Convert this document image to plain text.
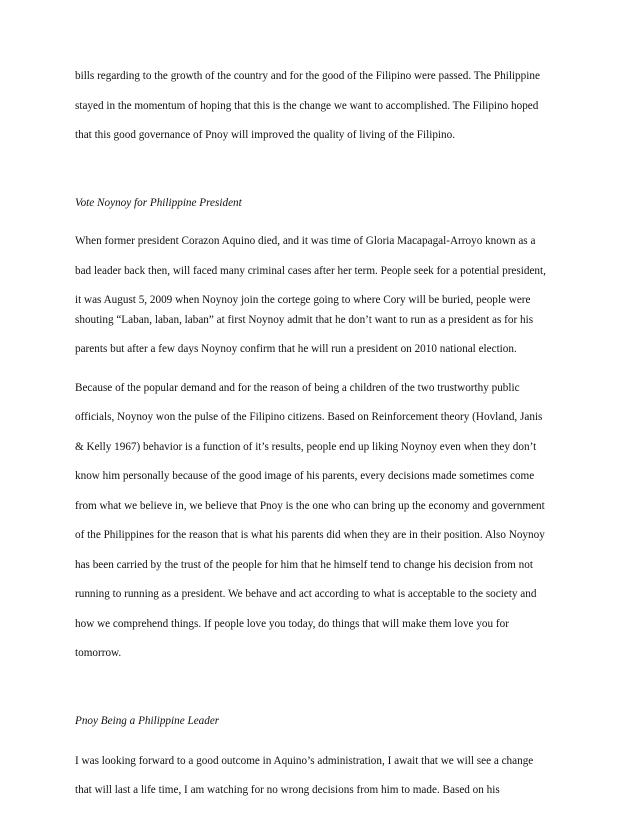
bills regarding to the growth of the country and for the good of the Filipino were passed. The Philippine

stayed in the momentum of hoping that this is the change we want to accomplished. The Filipino hoped

that this good governance of Pnoy will improved the quality of living of the Filipino.

Vote Noynoy for Philippine President

When former president Corazon Aquino died, and it was time of Gloria Macapagal-Arroyo known as a

bad leader back then, will faced many criminal cases after her term. People seek for a potential president,

it was August 5, 2009 when Noynoy join the cortege going to where Cory will be buried, people were

shouting “Laban, laban, laban” at first Noynoy admit that he don’t want to run as a president as for his

parents but after a few days Noynoy confirm that he will run a president on 2010 national election.

Because of the popular demand and for the reason of being a children of the two trustworthy public

officials, Noynoy won the pulse of the Filipino citizens. Based on Reinforcement theory (Hovland, Janis

& Kelly 1967) behavior is a function of it’s results, people end up liking Noynoy even when they don’t

know him personally because of the good image of his parents, every decisions made sometimes come

from what we believe in, we believe that Pnoy is the one who can bring up the economy and government

of the Philippines for the reason that is what his parents did when they are in their position. Also Noynoy

has been carried by the trust of the people for him that he himself tend to change his decision from not

running to running as a president. We behave and act according to what is acceptable to the society and

how we comprehend things. If people love you today, do things that will make them love you for

tomorrow.

Pnoy Being a Philippine Leader

I was looking forward to a good outcome in Aquino’s administration, I await that we will see a change

that will last a life time, I am watching for no wrong decisions from him to made. Based on his
